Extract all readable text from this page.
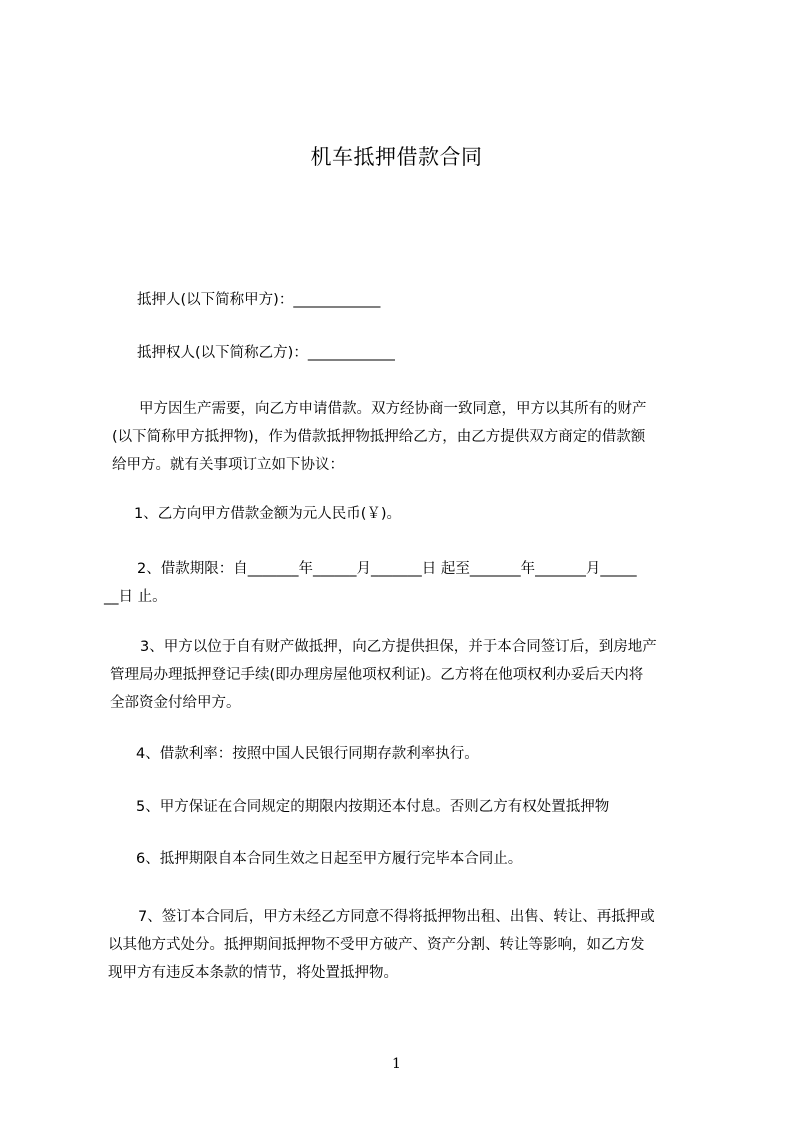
机车抵押借款合同
抵押人(以下简称甲方)：____________
抵押权人(以下简称乙方)：____________
甲方因生产需要，向乙方申请借款。双方经协商一致同意，甲方以其所有的财产
(以下简称甲方抵押物)，作为借款抵押物抵押给乙方，由乙方提供双方商定的借款额
给甲方。就有关事项订立如下协议：
1、乙方向甲方借款金额为元人民币(￥)。
2、借款期限：自_______年______月_______日 起至_______年_______月_____
__日 止。
3、甲方以位于自有财产做抵押，向乙方提供担保，并于本合同签订后，到房地产
管理局办理抵押登记手续(即办理房屋他项权利证)。乙方将在他项权利办妥后天内将
全部资金付给甲方。
4、借款利率：按照中国人民银行同期存款利率执行。
5、甲方保证在合同规定的期限内按期还本付息。否则乙方有权处置抵押物
6、抵押期限自本合同生效之日起至甲方履行完毕本合同止。
7、签订本合同后，甲方未经乙方同意不得将抵押物出租、出售、转让、再抵押或
以其他方式处分。抵押期间抵押物不受甲方破产、资产分割、转让等影响，如乙方发
现甲方有违反本条款的情节，将处置抵押物。
1
